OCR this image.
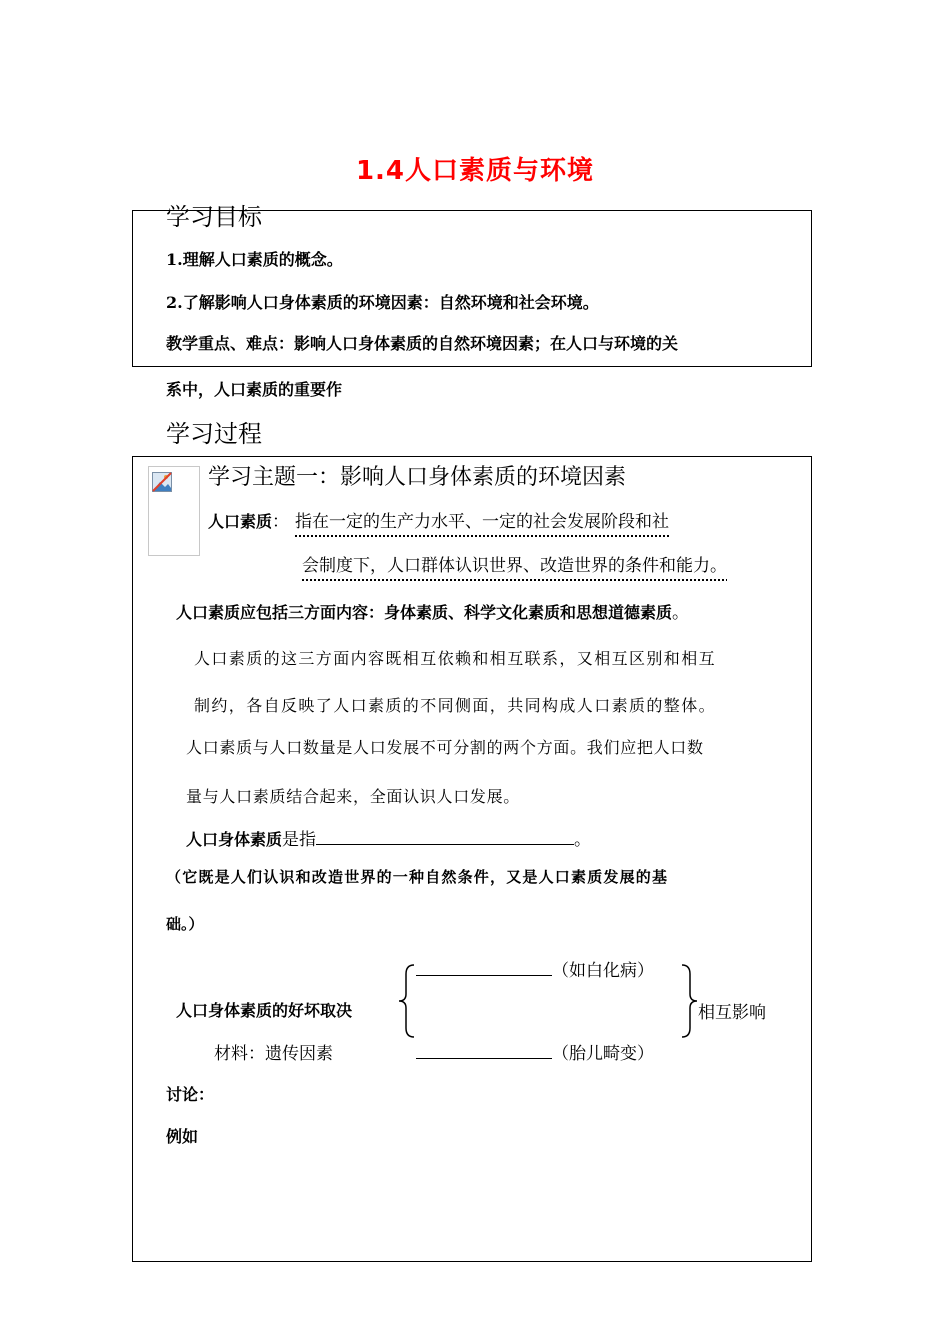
1.4人口素质与环境
学习目标
1.理解人口素质的概念。
2.了解影响人口身体素质的环境因素：自然环境和社会环境。
教学重点、难点：影响人口身体素质的自然环境因素；在人口与环境的关
系中，人口素质的重要作
学习过程
学习主题一：影响人口身体素质的环境因素
人口素质： 指在一定的生产力水平、一定的社会发展阶段和社
会制度下，人口群体认识世界、改造世界的条件和能力。
人口素质应包括三方面内容：身体素质、科学文化素质和思想道德素质。
人口素质的这三方面内容既相互依赖和相互联系，又相互区别和相互
制约，各自反映了人口素质的不同侧面，共同构成人口素质的整体。
人口素质与人口数量是人口发展不可分割的两个方面。我们应把人口数
量与人口素质结合起来，全面认识人口发展。
人口身体素质是指	。
（它既是人们认识和改造世界的一种自然条件，又是人口素质发展的基
础。）
人口身体素质的好坏取决
（如白化病）
（胎儿畸变）
相互影响
材料：遗传因素
讨论：
例如
